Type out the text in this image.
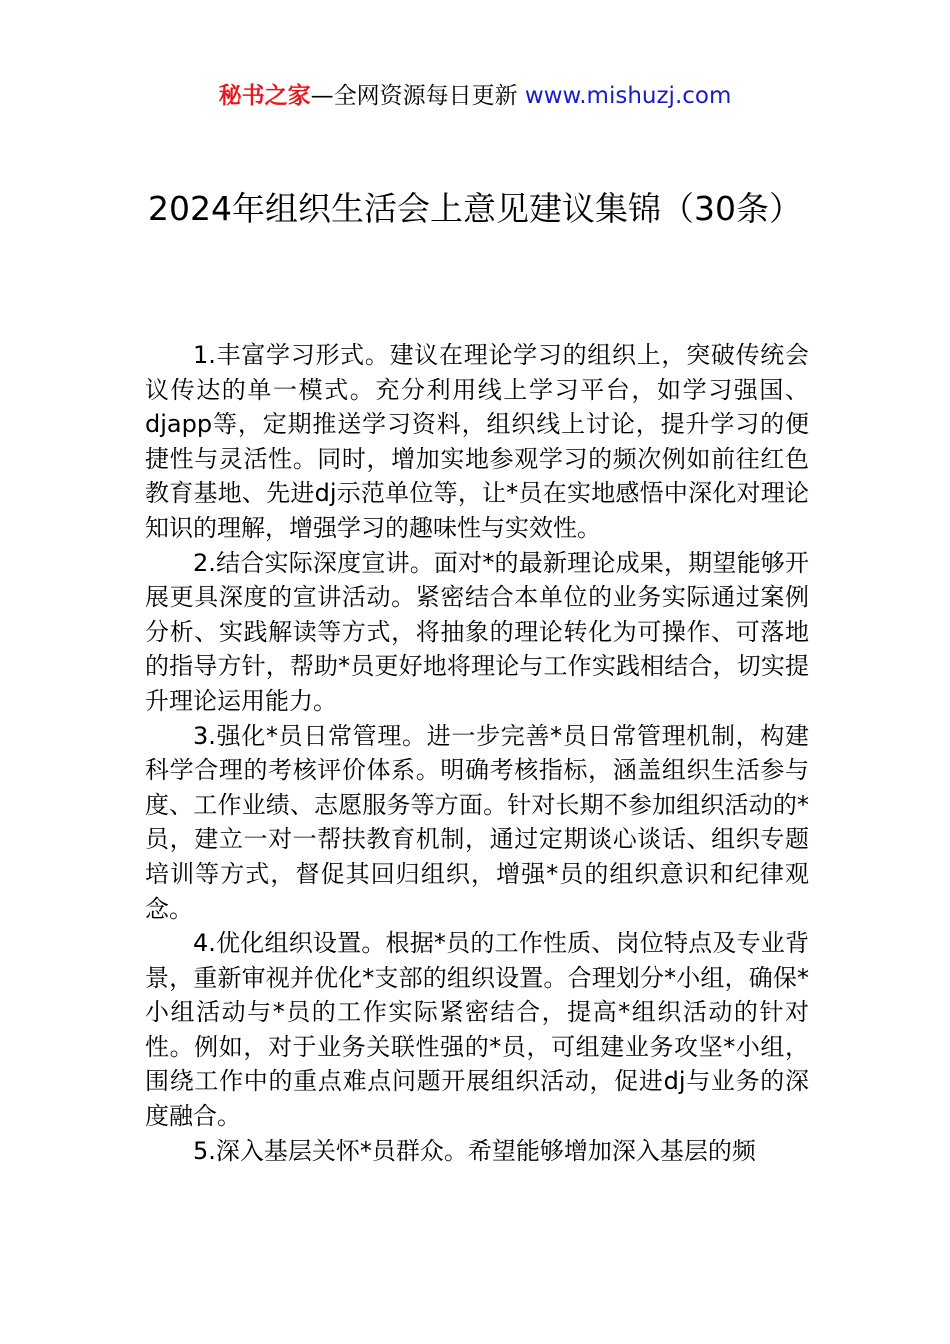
秘书之家—全网资源每日更新 www.mishuzj.com
2024年组织生活会上意见建议集锦（30条）

1.丰富学习形式。建议在理论学习的组织上，突破传统会议传达的单一模式。充分利用线上学习平台，如学习强国、djapp等，定期推送学习资料，组织线上讨论，提升学习的便捷性与灵活性。同时，增加实地参观学习的频次例如前往红色教育基地、先进dj示范单位等，让*员在实地感悟中深化对理论知识的理解，增强学习的趣味性与实效性。

2.结合实际深度宣讲。面对*的最新理论成果，期望能够开展更具深度的宣讲活动。紧密结合本单位的业务实际通过案例分析、实践解读等方式，将抽象的理论转化为可操作、可落地的指导方针，帮助*员更好地将理论与工作实践相结合，切实提升理论运用能力。

3.强化*员日常管理。进一步完善*员日常管理机制，构建科学合理的考核评价体系。明确考核指标，涵盖组织生活参与度、工作业绩、志愿服务等方面。针对长期不参加组织活动的*员，建立一对一帮扶教育机制，通过定期谈心谈话、组织专题培训等方式，督促其回归组织，增强*员的组织意识和纪律观念。

4.优化组织设置。根据*员的工作性质、岗位特点及专业背景，重新审视并优化*支部的组织设置。合理划分*小组，确保*小组活动与*员的工作实际紧密结合，提高*组织活动的针对性。例如，对于业务关联性强的*员，可组建业务攻坚*小组，围绕工作中的重点难点问题开展组织活动，促进dj与业务的深度融合。

5.深入基层关怀*员群众。希望能够增加深入基层的频
